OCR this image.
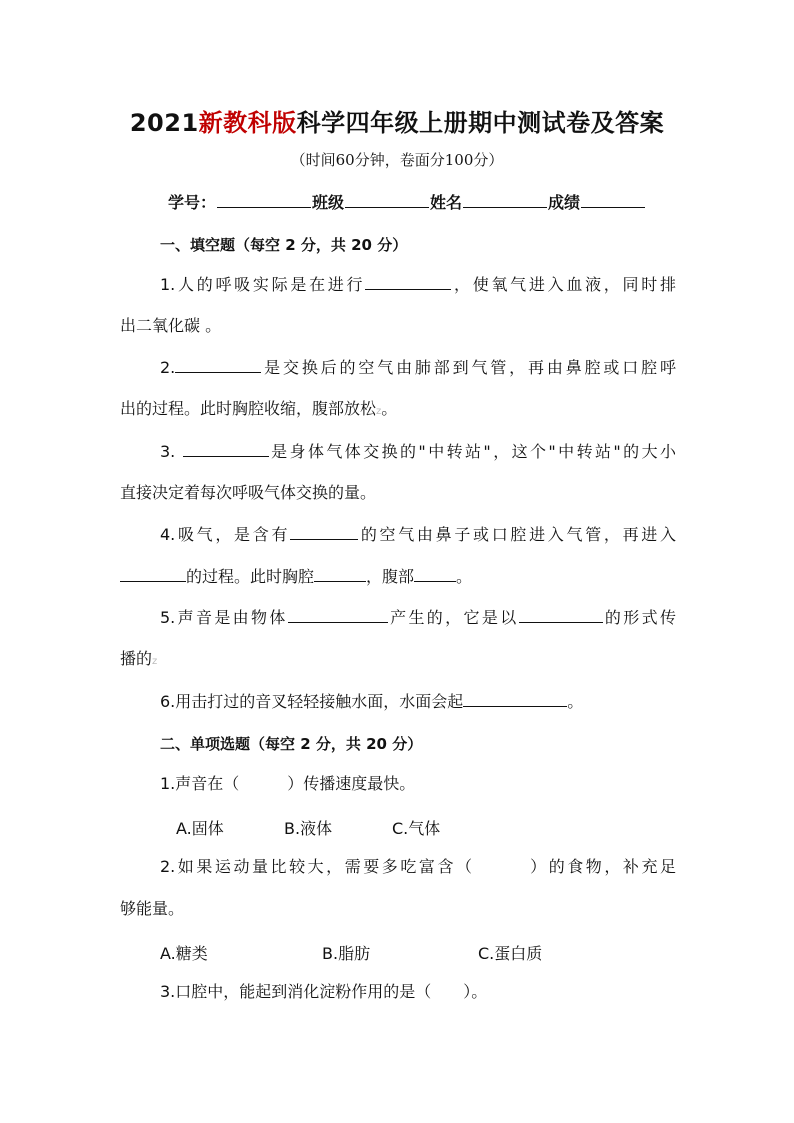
2021新教科版科学四年级上册期中测试卷及答案
（时间60分钟，卷面分100分）
学号：	班级	姓名	成绩
一、填空题（每空 2 分，共 20 分）
1.人的呼吸实际是在进行	，使氧气进入血液，同时排
出二氧化碳 。
2.	是交换后的空气由肺部到气管，再由鼻腔或口腔呼
出的过程。此时胸腔收缩，腹部放松z。
3.	是身体气体交换的"中转站"，这个"中转站"的大小
直接决定着每次呼吸气体交换的量。
4.吸气，是含有	的空气由鼻子或口腔进入气管，再进入
的过程。此时胸腔	，腹部	。
5.声音是由物体	产生的，它是以	的形式传
播的z
6.用击打过的音叉轻轻接触水面，水面会起	。
二、单项选题（每空 2 分，共 20 分）
1.声音在（　　　）传播速度最快。
A.固体	B.液体	C.气体
2.如果运动量比较大，需要多吃富含（　　　）的食物，补充足
够能量。
A.糖类	B.脂肪	C.蛋白质
3.口腔中，能起到消化淀粉作用的是（　　）。
